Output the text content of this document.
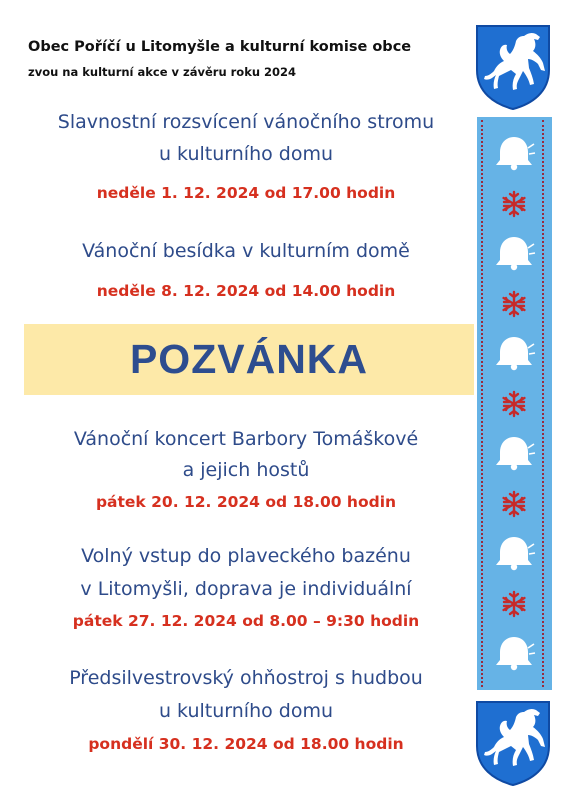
Obec Poříčí u Litomyšle a kulturní komise obce
zvou na kulturní akce v závěru roku 2024
Slavnostní rozsvícení vánočního stromu
u kulturního domu
neděle 1. 12. 2024 od 17.00 hodin
Vánoční besídka v kulturním domě
neděle 8. 12. 2024 od 14.00 hodin
POZVÁNKA
Vánoční koncert Barbory Tomáškové
a jejich hostů
pátek 20. 12. 2024 od 18.00 hodin
Volný vstup do plaveckého bazénu
v Litomyšli, doprava je individuální
pátek 27. 12. 2024 od 8.00 – 9:30 hodin
Předsilvestrovský ohňostroj s hudbou
u kulturního domu
pondělí 30. 12. 2024 od 18.00 hodin
